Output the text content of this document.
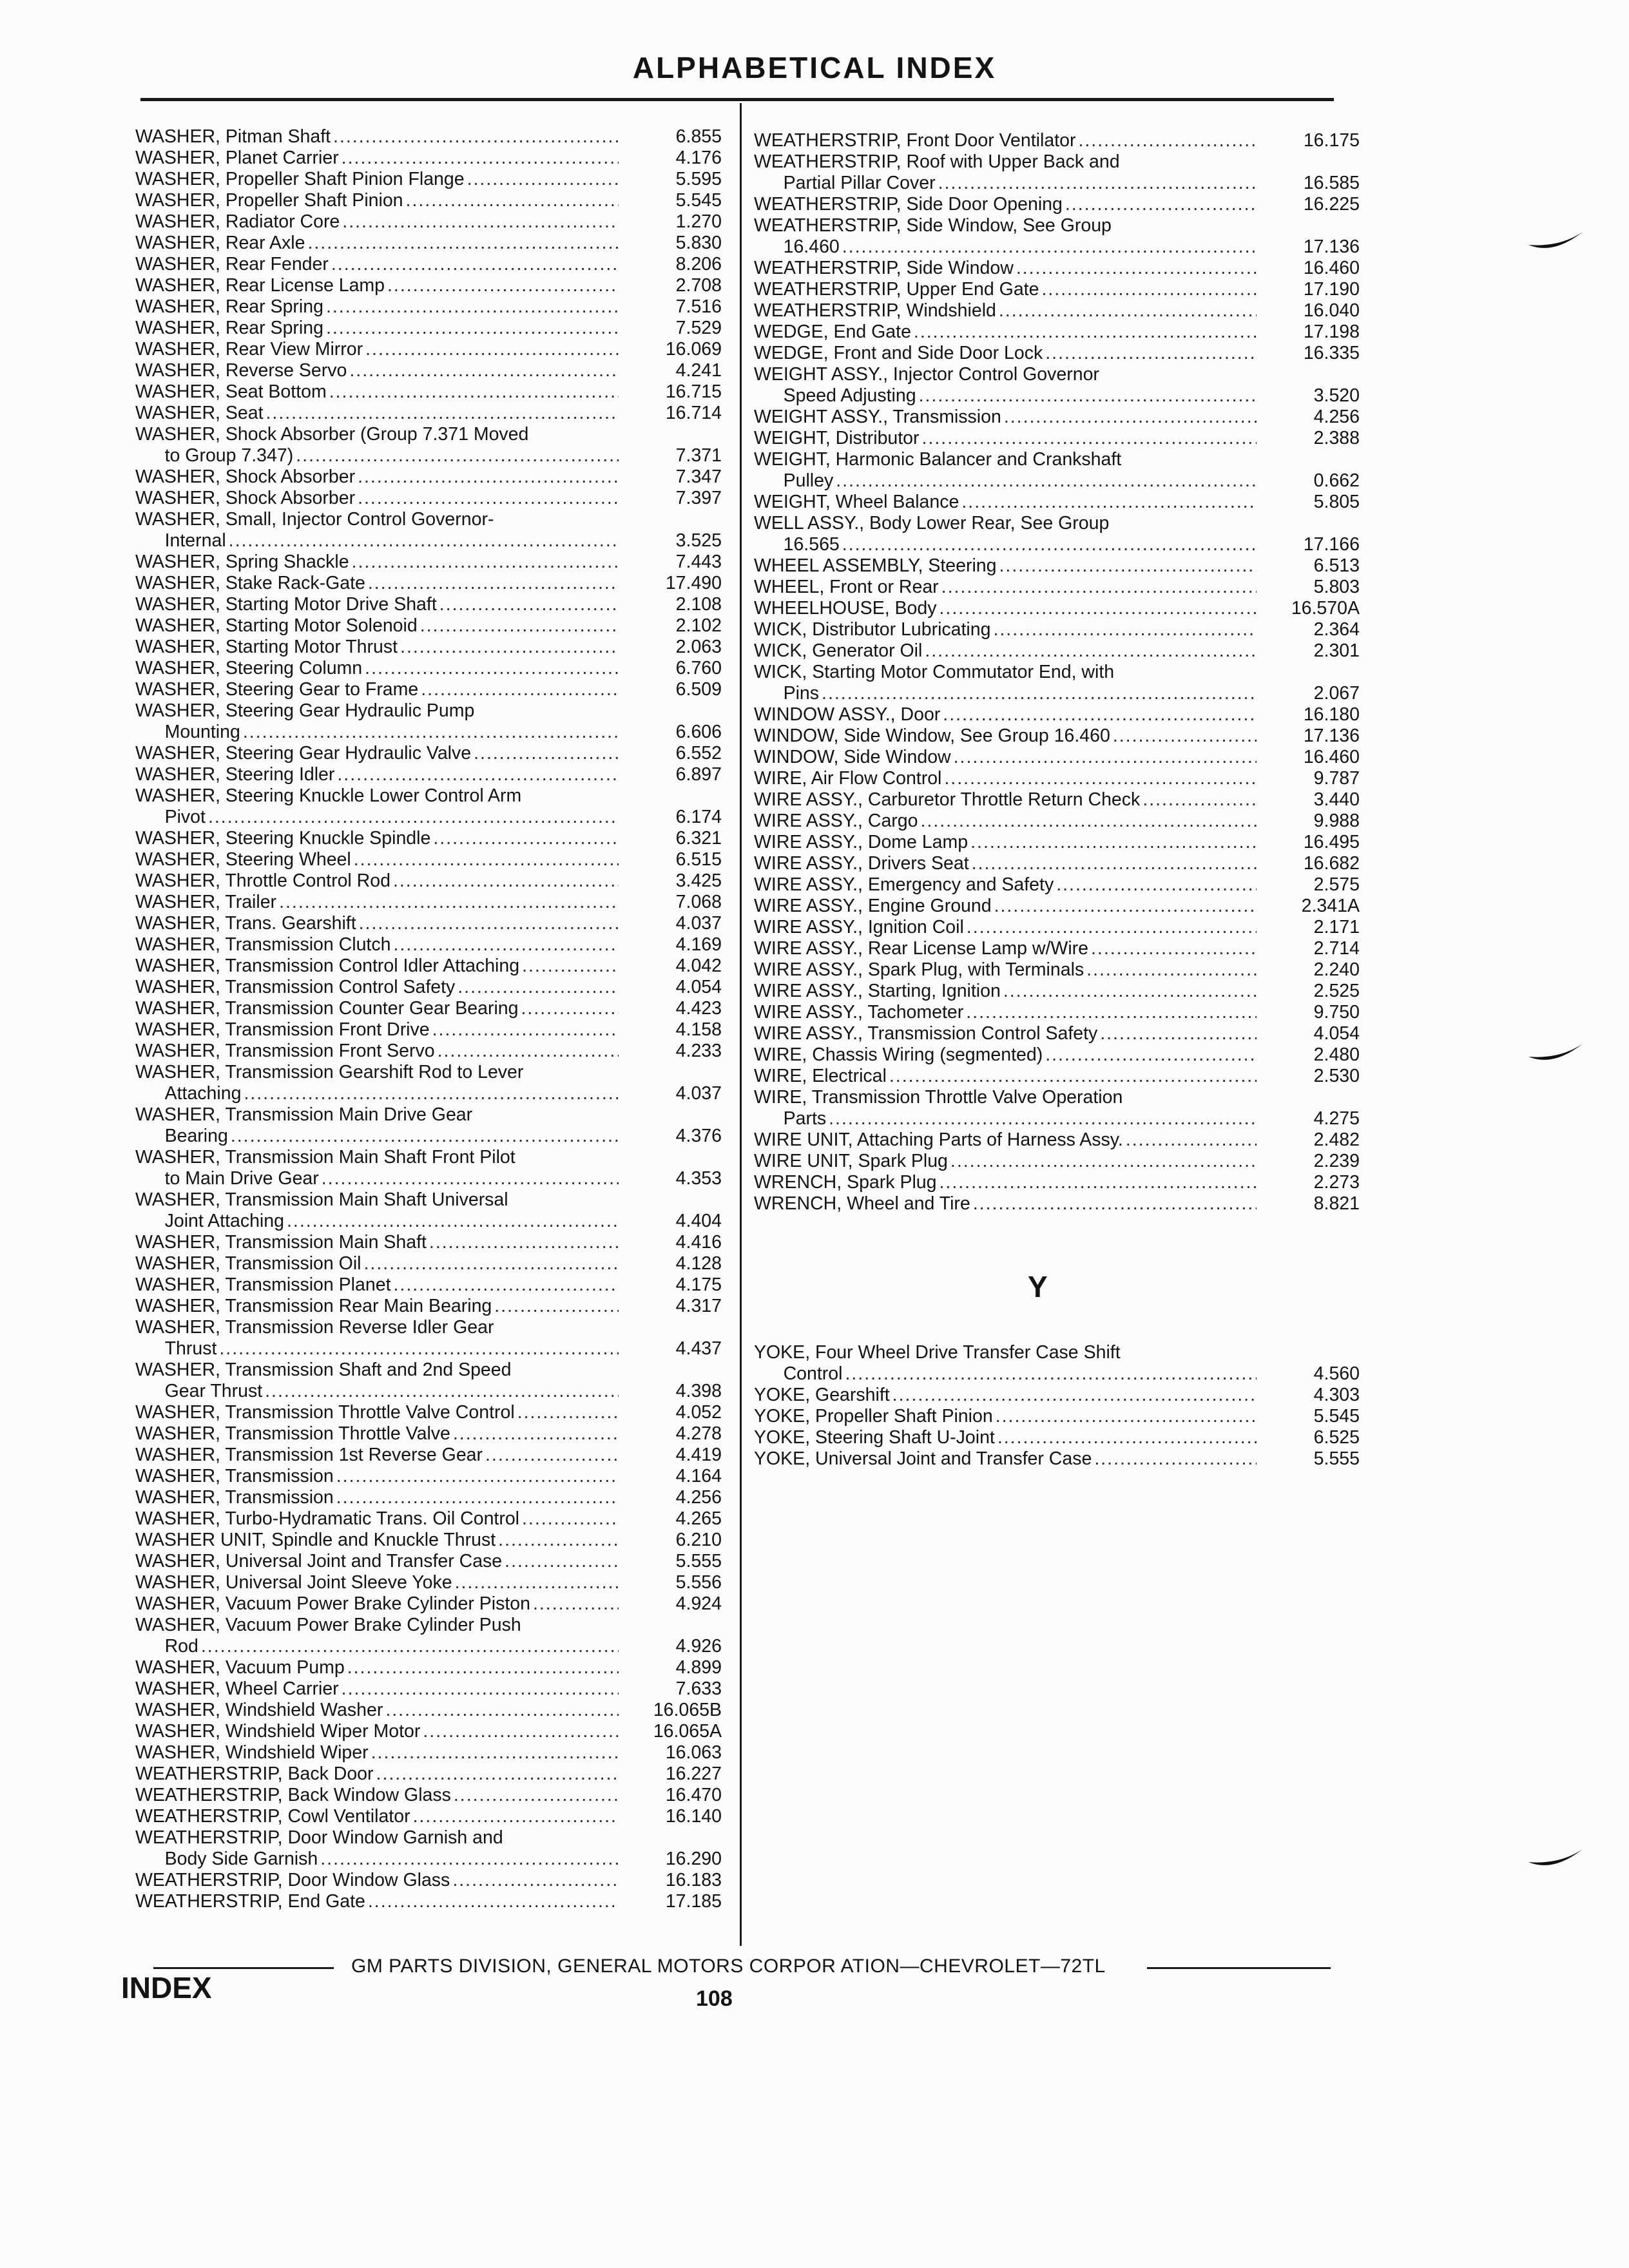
ALPHABETICAL INDEX
WASHER, Pitman Shaft .....	6.855
WASHER, Planet Carrier .....	4.176
WASHER, Propeller Shaft Pinion Flange .....	5.595
WASHER, Propeller Shaft Pinion .....	5.545
WASHER, Radiator Core .....	1.270
WASHER, Rear Axle .....	5.830
WASHER, Rear Fender .....	8.206
WASHER, Rear License Lamp .....	2.708
WASHER, Rear Spring .....	7.516
WASHER, Rear Spring .....	7.529
WASHER, Rear View Mirror .....	16.069
WASHER, Reverse Servo .....	4.241
WASHER, Seat Bottom .....	16.715
WASHER, Seat .....	16.714
WASHER, Shock Absorber (Group 7.371 Moved
to Group 7.347) .....	7.371
WASHER, Shock Absorber .....	7.347
WASHER, Shock Absorber .....	7.397
WASHER, Small, Injector Control Governor-
Internal .....	3.525
WASHER, Spring Shackle .....	7.443
WASHER, Stake Rack-Gate .....	17.490
WASHER, Starting Motor Drive Shaft .....	2.108
WASHER, Starting Motor Solenoid .....	2.102
WASHER, Starting Motor Thrust .....	2.063
WASHER, Steering Column .....	6.760
WASHER, Steering Gear to Frame .....	6.509
WASHER, Steering Gear Hydraulic Pump
Mounting .....	6.606
WASHER, Steering Gear Hydraulic Valve .....	6.552
WASHER, Steering Idler .....	6.897
WASHER, Steering Knuckle Lower Control Arm
Pivot .....	6.174
WASHER, Steering Knuckle Spindle .....	6.321
WASHER, Steering Wheel .....	6.515
WASHER, Throttle Control Rod .....	3.425
WASHER, Trailer .....	7.068
WASHER, Trans. Gearshift .....	4.037
WASHER, Transmission Clutch .....	4.169
WASHER, Transmission Control Idler Attaching .....	4.042
WASHER, Transmission Control Safety .....	4.054
WASHER, Transmission Counter Gear Bearing .....	4.423
WASHER, Transmission Front Drive .....	4.158
WASHER, Transmission Front Servo .....	4.233
WASHER, Transmission Gearshift Rod to Lever
Attaching .....	4.037
WASHER, Transmission Main Drive Gear
Bearing .....	4.376
WASHER, Transmission Main Shaft Front Pilot
to Main Drive Gear .....	4.353
WASHER, Transmission Main Shaft Universal
Joint Attaching .....	4.404
WASHER, Transmission Main Shaft .....	4.416
WASHER, Transmission Oil .....	4.128
WASHER, Transmission Planet .....	4.175
WASHER, Transmission Rear Main Bearing .....	4.317
WASHER, Transmission Reverse Idler Gear
Thrust .....	4.437
WASHER, Transmission Shaft and 2nd Speed
Gear Thrust .....	4.398
WASHER, Transmission Throttle Valve Control .....	4.052
WASHER, Transmission Throttle Valve .....	4.278
WASHER, Transmission 1st Reverse Gear .....	4.419
WASHER, Transmission .....	4.164
WASHER, Transmission .....	4.256
WASHER, Turbo-Hydramatic Trans. Oil Control .....	4.265
WASHER UNIT, Spindle and Knuckle Thrust .....	6.210
WASHER, Universal Joint and Transfer Case .....	5.555
WASHER, Universal Joint Sleeve Yoke .....	5.556
WASHER, Vacuum Power Brake Cylinder Piston .....	4.924
WASHER, Vacuum Power Brake Cylinder Push
Rod .....	4.926
WASHER, Vacuum Pump .....	4.899
WASHER, Wheel Carrier .....	7.633
WASHER, Windshield Washer .....	16.065B
WASHER, Windshield Wiper Motor .....	16.065A
WASHER, Windshield Wiper .....	16.063
WEATHERSTRIP, Back Door .....	16.227
WEATHERSTRIP, Back Window Glass .....	16.470
WEATHERSTRIP, Cowl Ventilator .....	16.140
WEATHERSTRIP, Door Window Garnish and
Body Side Garnish .....	16.290
WEATHERSTRIP, Door Window Glass .....	16.183
WEATHERSTRIP, End Gate .....	17.185
WEATHERSTRIP, Front Door Ventilator .....	16.175
WEATHERSTRIP, Roof with Upper Back and
Partial Pillar Cover .....	16.585
WEATHERSTRIP, Side Door Opening .....	16.225
WEATHERSTRIP, Side Window, See Group
16.460 .....	17.136
WEATHERSTRIP, Side Window .....	16.460
WEATHERSTRIP, Upper End Gate .....	17.190
WEATHERSTRIP, Windshield .....	16.040
WEDGE, End Gate .....	17.198
WEDGE, Front and Side Door Lock .....	16.335
WEIGHT ASSY., Injector Control Governor
Speed Adjusting .....	3.520
WEIGHT ASSY., Transmission .....	4.256
WEIGHT, Distributor .....	2.388
WEIGHT, Harmonic Balancer and Crankshaft
Pulley .....	0.662
WEIGHT, Wheel Balance .....	5.805
WELL ASSY., Body Lower Rear, See Group
16.565 .....	17.166
WHEEL ASSEMBLY, Steering .....	6.513
WHEEL, Front or Rear .....	5.803
WHEELHOUSE, Body .....	16.570A
WICK, Distributor Lubricating .....	2.364
WICK, Generator Oil .....	2.301
WICK, Starting Motor Commutator End, with
Pins .....	2.067
WINDOW ASSY., Door .....	16.180
WINDOW, Side Window, See Group 16.460 .....	17.136
WINDOW, Side Window .....	16.460
WIRE, Air Flow Control .....	9.787
WIRE ASSY., Carburetor Throttle Return Check .....	3.440
WIRE ASSY., Cargo .....	9.988
WIRE ASSY., Dome Lamp .....	16.495
WIRE ASSY., Drivers Seat .....	16.682
WIRE ASSY., Emergency and Safety .....	2.575
WIRE ASSY., Engine Ground .....	2.341A
WIRE ASSY., Ignition Coil .....	2.171
WIRE ASSY., Rear License Lamp w/Wire .....	2.714
WIRE ASSY., Spark Plug, with Terminals .....	2.240
WIRE ASSY., Starting, Ignition .....	2.525
WIRE ASSY., Tachometer .....	9.750
WIRE ASSY., Transmission Control Safety .....	4.054
WIRE, Chassis Wiring (segmented) .....	2.480
WIRE, Electrical .....	2.530
WIRE, Transmission Throttle Valve Operation
Parts .....	4.275
WIRE UNIT, Attaching Parts of Harness Assy. .....	2.482
WIRE UNIT, Spark Plug .....	2.239
WRENCH, Spark Plug .....	2.273
WRENCH, Wheel and Tire .....	8.821
Y
YOKE, Four Wheel Drive Transfer Case Shift
Control .....	4.560
YOKE, Gearshift .....	4.303
YOKE, Propeller Shaft Pinion .....	5.545
YOKE, Steering Shaft U-Joint .....	6.525
YOKE, Universal Joint and Transfer Case .....	5.555
GM PARTS DIVISION, GENERAL MOTORS CORPOR ATION—CHEVROLET—72TL
INDEX	108
